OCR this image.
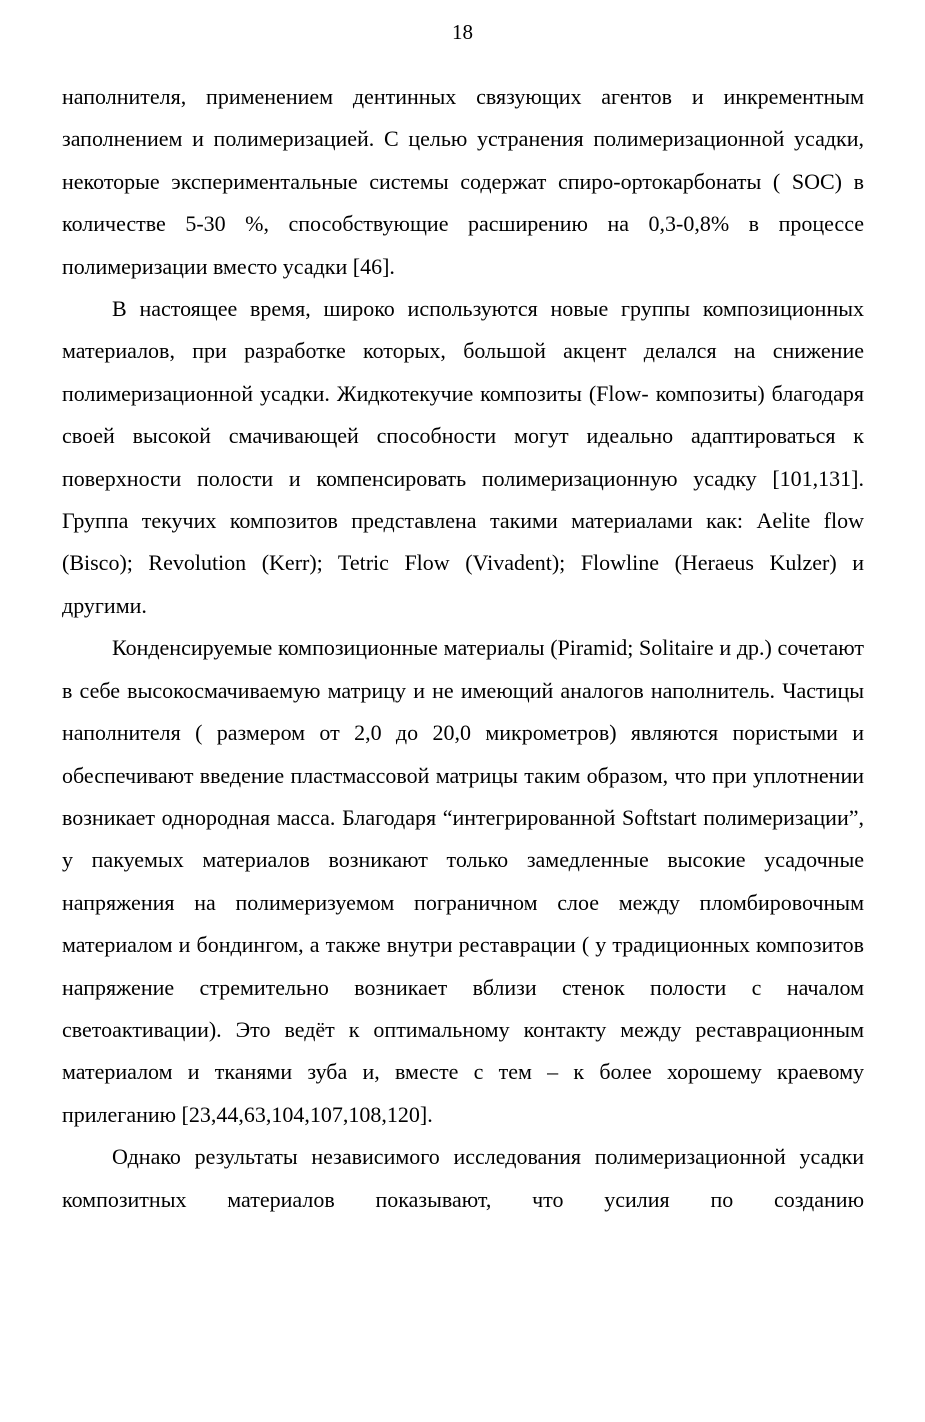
18

наполнителя, применением дентинных связующих агентов и инкрементным заполнением и полимеризацией. С целью устранения полимеризационной усадки, некоторые экспериментальные системы содержат спиро-ортокарбонаты ( SOC) в количестве 5-30 %, способствующие расширению на 0,3-0,8% в процессе полимеризации вместо усадки [46].

В настоящее время, широко используются новые группы композиционных материалов, при разработке которых, большой акцент делался на снижение полимеризационной усадки. Жидкотекучие композиты (Flow- композиты) благодаря своей высокой смачивающей способности могут идеально адаптироваться к поверхности полости и компенсировать полимеризационную усадку [101,131]. Группа текучих композитов представлена такими материалами как: Aelite flow (Bisco); Revolution (Kerr); Tetric Flow (Vivadent); Flowline (Heraeus Kulzer) и другими.

Конденсируемые композиционные материалы (Piramid; Solitaire и др.) сочетают в себе высокосмачиваемую матрицу и не имеющий аналогов наполнитель. Частицы наполнителя ( размером от 2,0 до 20,0 микрометров) являются пористыми и обеспечивают введение пластмассовой матрицы таким образом, что при уплотнении возникает однородная масса. Благодаря “интегрированной Softstart полимеризации”, у пакуемых материалов возникают только замедленные высокие усадочные напряжения на полимеризуемом пограничном слое между пломбировочным материалом и бондингом, а также внутри реставрации ( у традиционных композитов напряжение стремительно возникает вблизи стенок полости с началом светоактивации). Это ведёт к оптимальному контакту между реставрационным материалом и тканями зуба и, вместе с тем – к более хорошему краевому прилеганию [23,44,63,104,107,108,120].

Однако результаты независимого исследования полимеризационной усадки композитных материалов показывают, что усилия по созданию
